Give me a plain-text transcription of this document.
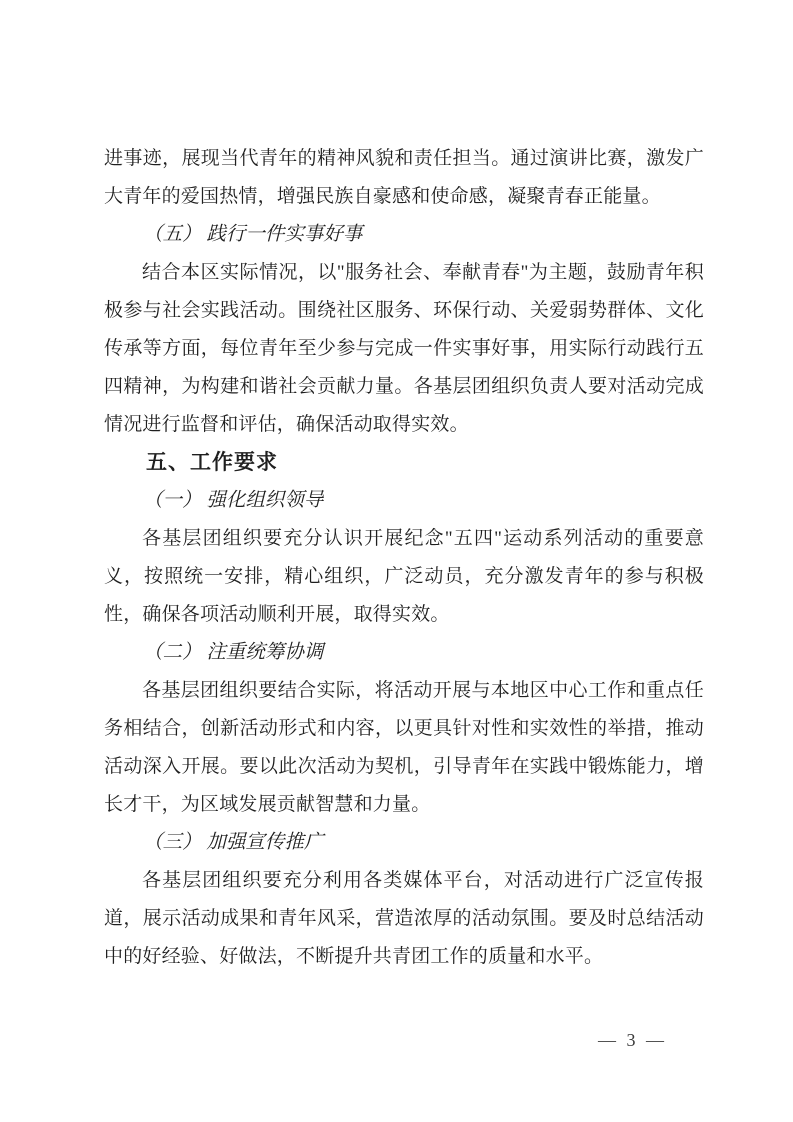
进事迹，展现当代青年的精神风貌和责任担当。通过演讲比赛，激发广大青年的爱国热情，增强民族自豪感和使命感，凝聚青春正能量。

（五） 践行一件实事好事

结合本区实际情况，以"服务社会、奉献青春"为主题，鼓励青年积极参与社会实践活动。围绕社区服务、环保行动、关爱弱势群体、文化传承等方面，每位青年至少参与完成一件实事好事，用实际行动践行五四精神，为构建和谐社会贡献力量。各基层团组织负责人要对活动完成情况进行监督和评估，确保活动取得实效。

五、工作要求

（一） 强化组织领导

各基层团组织要充分认识开展纪念"五四"运动系列活动的重要意义，按照统一安排，精心组织，广泛动员，充分激发青年的参与积极性，确保各项活动顺利开展，取得实效。

（二） 注重统筹协调

各基层团组织要结合实际，将活动开展与本地区中心工作和重点任务相结合，创新活动形式和内容，以更具针对性和实效性的举措，推动活动深入开展。要以此次活动为契机，引导青年在实践中锻炼能力，增长才干，为区域发展贡献智慧和力量。

（三） 加强宣传推广

各基层团组织要充分利用各类媒体平台，对活动进行广泛宣传报道，展示活动成果和青年风采，营造浓厚的活动氛围。要及时总结活动中的好经验、好做法，不断提升共青团工作的质量和水平。

— 3 —
